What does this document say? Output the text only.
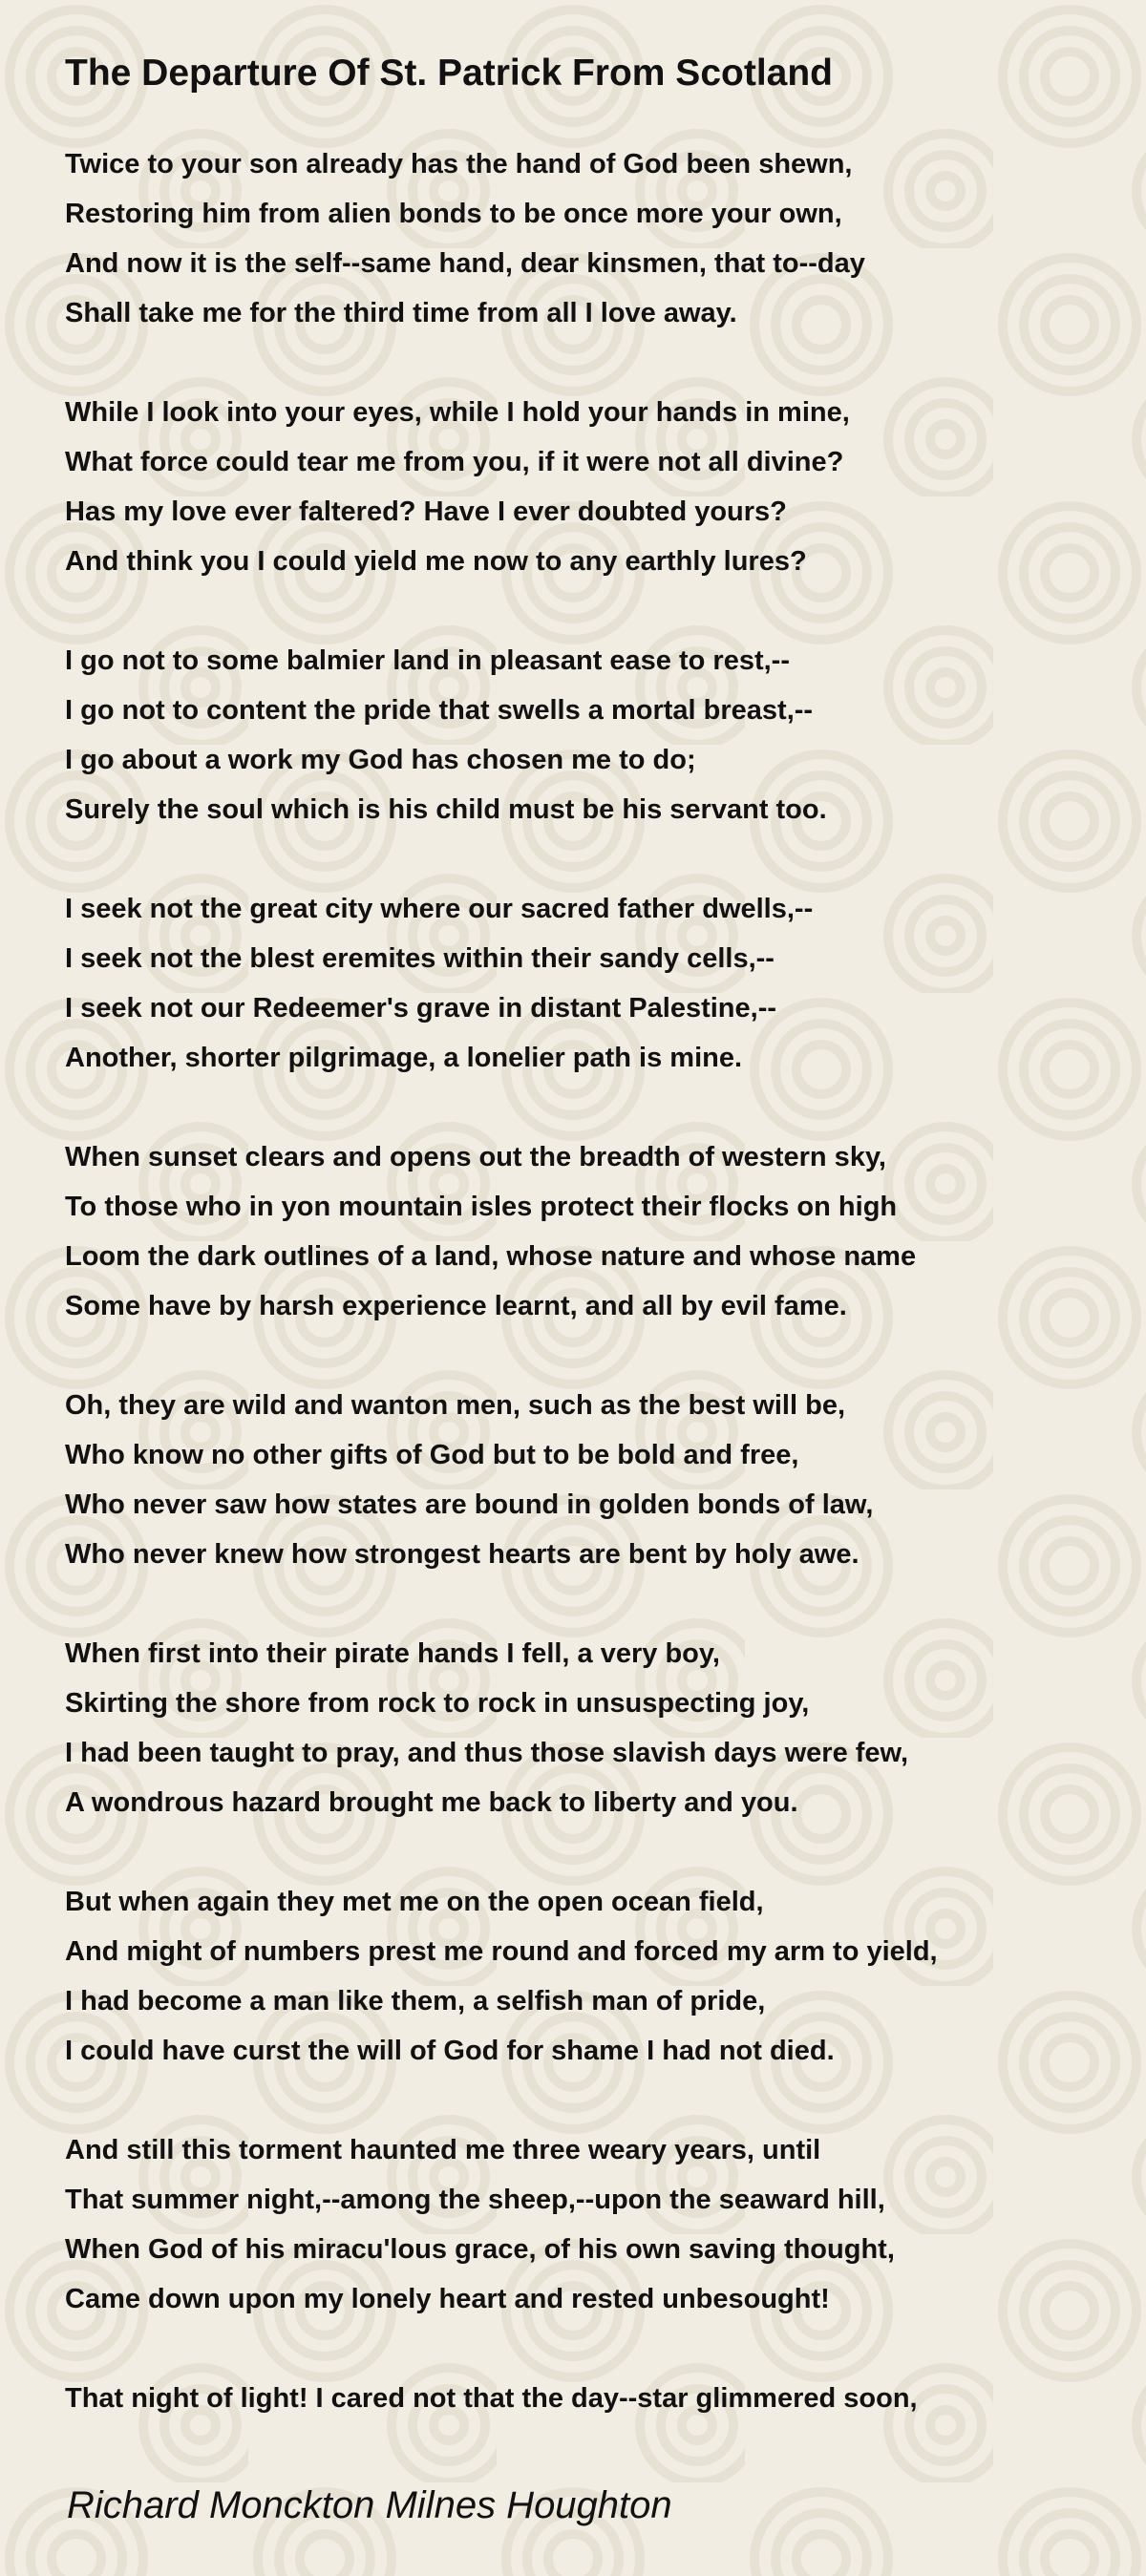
The Departure Of St. Patrick From Scotland
Twice to your son already has the hand of God been shewn,
Restoring him from alien bonds to be once more your own,
And now it is the self--same hand, dear kinsmen, that to--day
Shall take me for the third time from all I love away.
While I look into your eyes, while I hold your hands in mine,
What force could tear me from you, if it were not all divine?
Has my love ever faltered? Have I ever doubted yours?
And think you I could yield me now to any earthly lures?
I go not to some balmier land in pleasant ease to rest,--
I go not to content the pride that swells a mortal breast,--
I go about a work my God has chosen me to do;
Surely the soul which is his child must be his servant too.
I seek not the great city where our sacred father dwells,--
I seek not the blest eremites within their sandy cells,--
I seek not our Redeemer's grave in distant Palestine,--
Another, shorter pilgrimage, a lonelier path is mine.
When sunset clears and opens out the breadth of western sky,
To those who in yon mountain isles protect their flocks on high
Loom the dark outlines of a land, whose nature and whose name
Some have by harsh experience learnt, and all by evil fame.
Oh, they are wild and wanton men, such as the best will be,
Who know no other gifts of God but to be bold and free,
Who never saw how states are bound in golden bonds of law,
Who never knew how strongest hearts are bent by holy awe.
When first into their pirate hands I fell, a very boy,
Skirting the shore from rock to rock in unsuspecting joy,
I had been taught to pray, and thus those slavish days were few,
A wondrous hazard brought me back to liberty and you.
But when again they met me on the open ocean field,
And might of numbers prest me round and forced my arm to yield,
I had become a man like them, a selfish man of pride,
I could have curst the will of God for shame I had not died.
And still this torment haunted me three weary years, until
That summer night,--among the sheep,--upon the seaward hill,
When God of his miracu'lous grace, of his own saving thought,
Came down upon my lonely heart and rested unbesought!
That night of light! I cared not that the day--star glimmered soon,
Richard Monckton Milnes Houghton
